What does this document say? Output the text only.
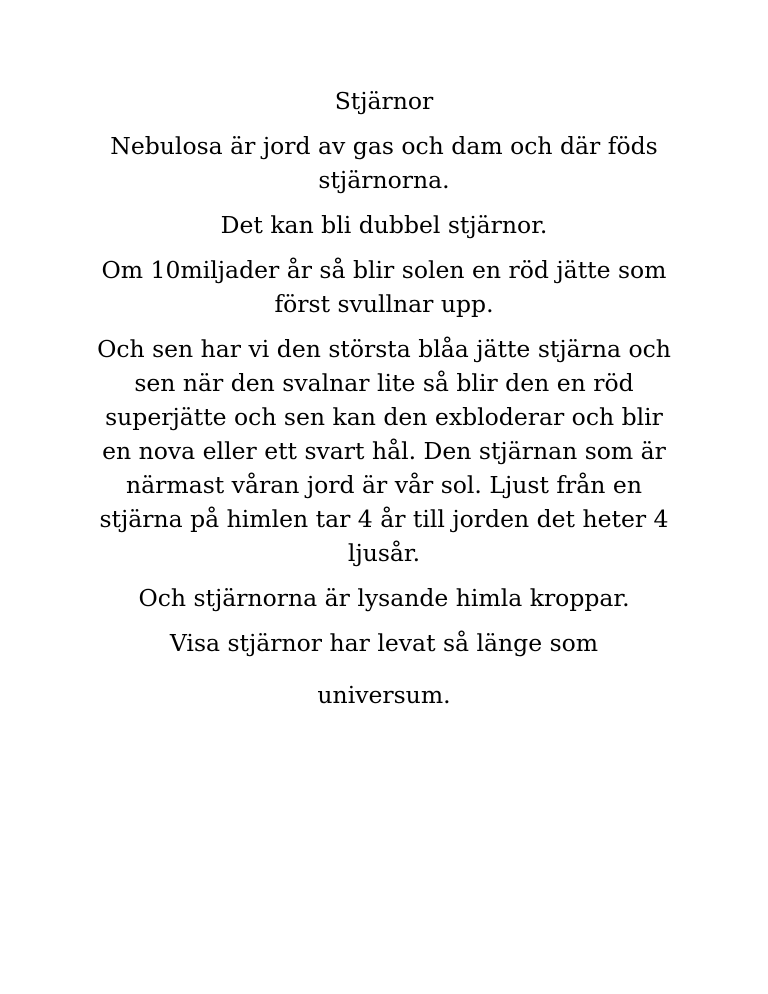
Stjärnor

Nebulosa är jord av gas och dam och där föds stjärnorna.

Det kan bli dubbel stjärnor.

Om 10miljader år så blir solen en röd jätte som först svullnar upp.

Och sen har vi den största blåa jätte stjärna och sen när den svalnar lite så blir den en röd superjätte och sen kan den exbloderar och blir en nova eller ett svart hål. Den stjärnan som är närmast våran jord är vår sol. Ljust från en stjärna på himlen tar 4 år till jorden det heter 4 ljusår.

Och stjärnorna är lysande himla kroppar.

Visa stjärnor har levat så länge som

universum.
